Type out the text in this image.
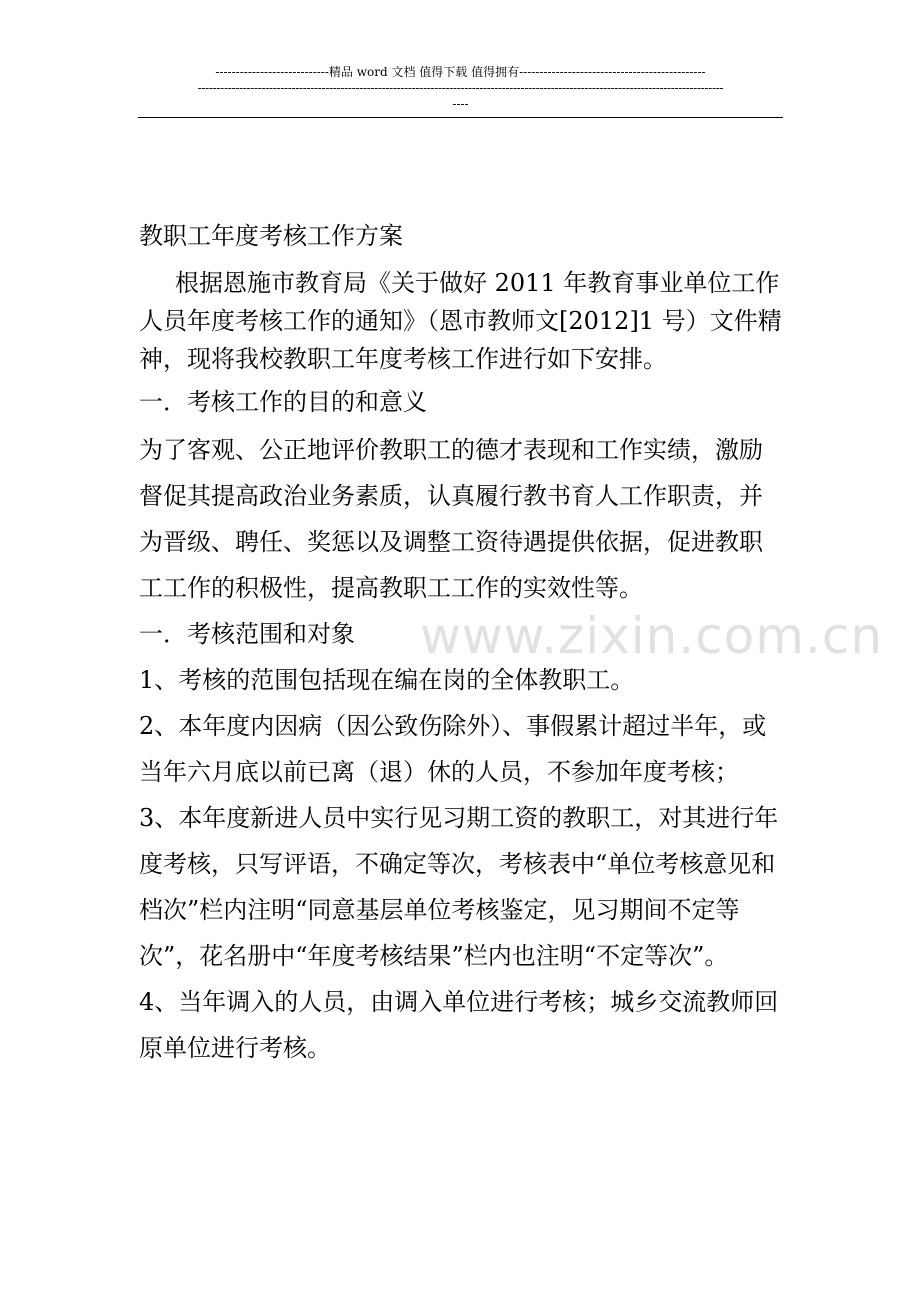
----------------------------精品 word 文档 值得下载 值得拥有----------------------------------------------
--------------------------------------------------------------------------------------------------------------------------------------------
----

教职工年度考核工作方案

根据恩施市教育局《关于做好 2011 年教育事业单位工作人员年度考核工作的通知》（恩市教师文[2012]1 号）文件精神，现将我校教职工年度考核工作进行如下安排。

一．考核工作的目的和意义

为了客观、公正地评价教职工的德才表现和工作实绩，激励督促其提高政治业务素质，认真履行教书育人工作职责，并为晋级、聘任、奖惩以及调整工资待遇提供依据，促进教职工工作的积极性，提高教职工工作的实效性等。

一．考核范围和对象

1、考核的范围包括现在编在岗的全体教职工。

2、本年度内因病（因公致伤除外）、事假累计超过半年，或当年六月底以前已离（退）休的人员，不参加年度考核；

3、本年度新进人员中实行见习期工资的教职工，对其进行年度考核，只写评语，不确定等次，考核表中“单位考核意见和档次”栏内注明“同意基层单位考核鉴定，见习期间不定等次”，花名册中“年度考核结果”栏内也注明“不定等次”。

4、当年调入的人员，由调入单位进行考核；城乡交流教师回原单位进行考核。

www.zixin.com.cn
